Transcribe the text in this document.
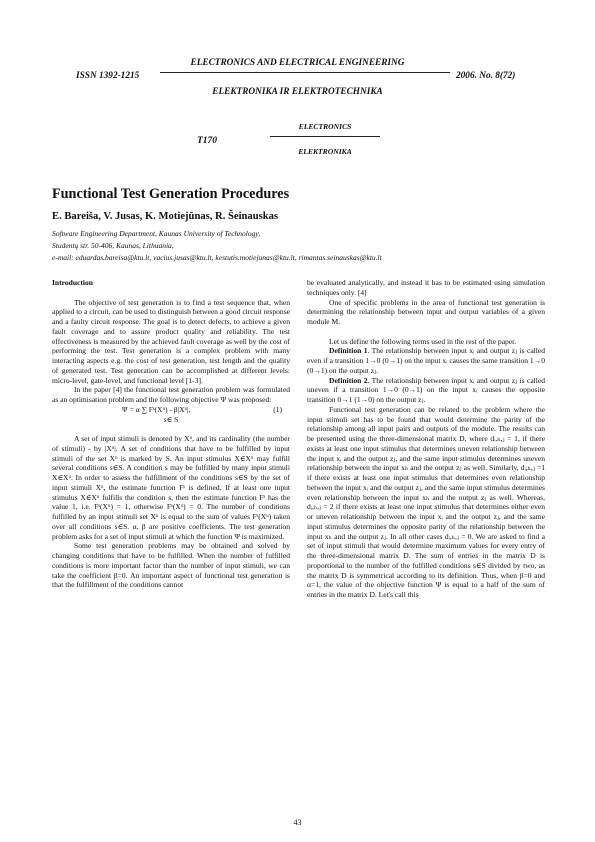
ELECTRONICS AND ELECTRICAL ENGINEERING
ISSN 1392-1215	2006. No. 8(72)
ELEKTRONIKA IR ELEKTROTECHNIKA
ELECTRONICS
T170
ELEKTRONIKA
Functional Test Generation Procedures
E. Bareiša, V. Jusas, K. Motiejūnas, R. Šeinauskas
Software Engineering Department, Kaunas University of Technology,
Studentų str. 50-406, Kaunas, Lithuania,
e-mail: eduardas.bareisa@ktu.lt, vacius.jusas@ktu.lt, kestutis.motiejunas@ktu.lt, rimantas.seinauskas@ktu.lt

Introduction

The objective of test generation is to find a test sequence that, when applied to a circuit, can be used to distinguish between a good circuit response and a faulty circuit response. The goal is to detect defects, to achieve a given fault coverage and to assure product quality and reliability. The test effectiveness is measured by the achieved fault coverage as well by the cost of performing the test. Test generation is a complex problem with many interacting aspects e.g. the cost of test generation, test length and the quality of generated test. Test generation can be accomplished at different levels: micro-level, gate-level, and functional level [1-3].

In the paper [4] the functional test generation problem was formulated as an optimisation problem and the following objective Ψ was proposed:

Ψ = α ∑ Fˢ(Xᵘ) - β|Xᵘ|,	(1)

s∈ S

A set of input stimuli is denoted by Xᵘ, and its cardinality (the number of stimuli) - by |Xᵘ|. A set of conditions that have to be fulfilled by input stimuli of the set Xᵘ is marked by S. An input stimulus X∈Xᵘ may fulfill several conditions s∈S. A condition s may be fulfilled by many input stimuli X∈Xᵘ. In order to assess the fulfillment of the conditions s∈S by the set of input stimuli Xᵘ, the estimate function Fˢ is defined. If at least one input stimulus X∈Xᵘ fulfills the condition s, then the estimate function Fˢ has the value 1, i.e. Fˢ(Xᵘ) = 1, otherwise Fˢ(Xᵘ) = 0. The number of conditions fulfilled by an input stimuli set Xᵘ is equal to the sum of values Fˢ(Xᵘ) taken over all conditions s∈S. α, β are positive coefficients. The test generation problem asks for a set of input stimuli at which the function Ψ is maximized.

Some test generation problems may be obtained and solved by changing conditions that have to be fulfilled. When the number of fulfilled conditions is more important factor than the number of input stimuli, we can take the coefficient β=0. An important aspect of functional test generation is that the fulfillment of the conditions cannot

be evaluated analytically, and instead it has to be estimated using simulation techniques only. [4]

One of specific problems in the area of functional test generation is determining the relationship between input and output variables of a given module M.

Let us define the following terms used in the rest of the paper.

Definition 1. The relationship between input xᵢ and output zⱼ is called even if a transition 1→0 (0→1) on the input xᵢ causes the same transition 1→0 (0→1) on the output zⱼ.

Definition 2. The relationship between input xᵢ and output zⱼ is called uneven if a transition 1→0 (0→1) on the input xᵢ causes the opposite transition 0→1 (1→0) on the output zⱼ.

Functional test generation can be related to the problem where the input stimuli set has to be found that would determine the parity of the relationship among all input pairs and outputs of the module. The results can be presented using the three-dimensional matrix D, where dᵢ,ₕ,ⱼ = 1, if there exists at least one input stimulus that determines uneven relationship between the input xᵢ and the output zⱼ, and the same input stimulus determines uneven relationship between the input xₕ and the output zⱼ as well. Similarly, dᵢ,ₕ,ⱼ =1 if there exists at least one input stimulus that determines even relationship between the input xᵢ and the output zⱼ, and the same input stimulus determines even relationship between the input xₕ and the output zⱼ as well. Whereas, dᵢ,ₕ,ⱼ = 2 if there exists at least one input stimulus that determines either even or uneven relationship between the input xᵢ and the output zⱼ, and the same input stimulus determines the opposite parity of the relationship between the input xₕ and the output zⱼ. In all other cases dᵢ,ₕ,ⱼ = 0. We are asked to find a set of input stimuli that would determine maximum values for every entry of the three-dimensional matrix D. The sum of entries in the matrix D is proportional to the number of the fulfilled conditions s∈S divided by two, as the matrix D is symmetrical according to its definition. Thus, when β=0 and α=1, the value of the objective function Ψ is equal to a half of the sum of entries in the matrix D. Let's call this

43
